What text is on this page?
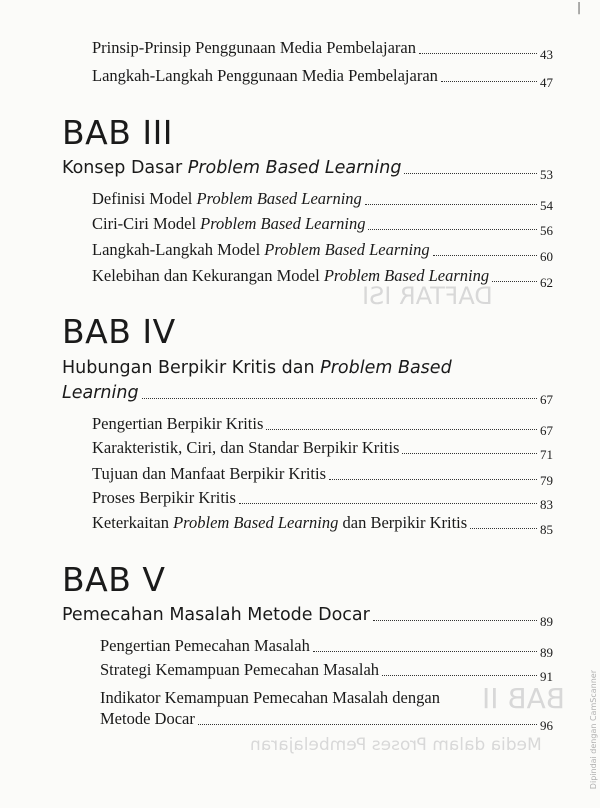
DAFTAR ISI
BAB II
Media dalam Proses Pembelajaran
|
Prinsip-Prinsip Penggunaan Media Pembelajaran	43
Langkah-Langkah Penggunaan Media Pembelajaran	47
BAB III
Konsep Dasar Problem Based Learning	53
Definisi Model Problem Based Learning	54
Ciri-Ciri Model Problem Based Learning	56
Langkah-Langkah Model Problem Based Learning	60
Kelebihan dan Kekurangan Model Problem Based Learning	62
BAB IV
Hubungan Berpikir Kritis dan Problem Based
Learning	67
Pengertian Berpikir Kritis	67
Karakteristik, Ciri, dan Standar Berpikir Kritis	71
Tujuan dan Manfaat Berpikir Kritis	79
Proses Berpikir Kritis	83
Keterkaitan Problem Based Learning dan Berpikir Kritis	85
BAB V
Pemecahan Masalah Metode Docar	89
Pengertian Pemecahan Masalah	89
Strategi Kemampuan Pemecahan Masalah	91
Indikator Kemampuan Pemecahan Masalah dengan
Metode Docar	96	Dipindai dengan CamScanner
